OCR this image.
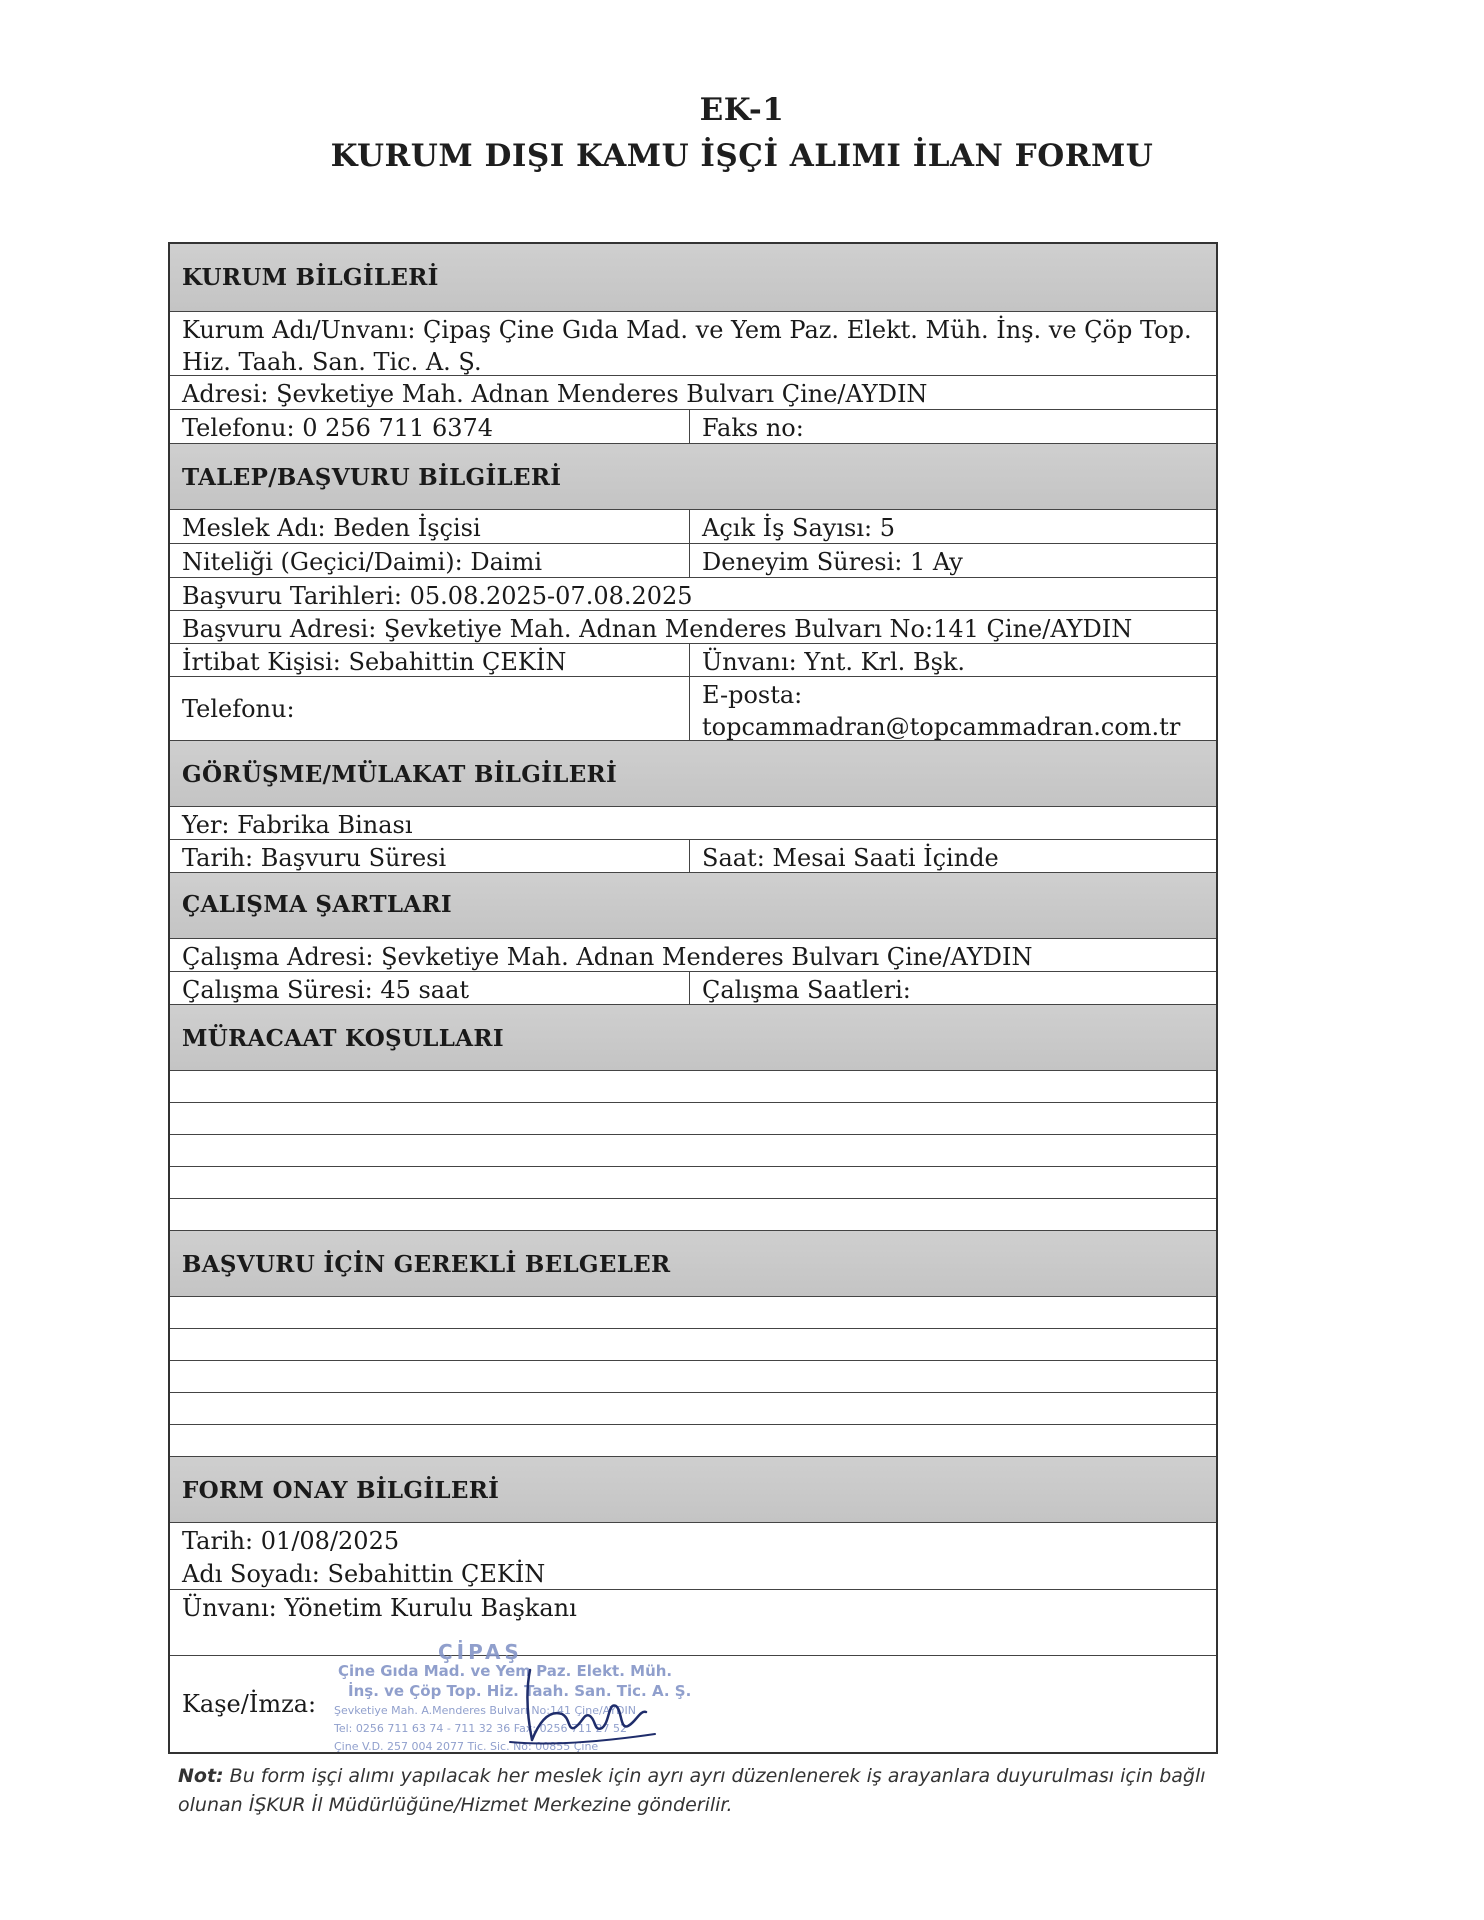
EK-1
KURUM DIŞI KAMU İŞÇİ ALIMI İLAN FORMU
KURUM BİLGİLERİ
Kurum Adı/Unvanı: Çipaş Çine Gıda Mad. ve Yem Paz. Elekt. Müh. İnş. ve Çöp Top. Hiz. Taah. San. Tic. A. Ş.
Adresi: Şevketiye Mah. Adnan Menderes Bulvarı Çine/AYDIN
Telefonu: 0 256 711 6374	Faks no:
TALEP/BAŞVURU BİLGİLERİ
Meslek Adı: Beden İşçisi	Açık İş Sayısı: 5
Niteliği (Geçici/Daimi): Daimi	Deneyim Süresi: 1 Ay
Başvuru Tarihleri: 05.08.2025-07.08.2025
Başvuru Adresi: Şevketiye Mah. Adnan Menderes Bulvarı No:141 Çine/AYDIN
İrtibat Kişisi: Sebahittin ÇEKİN	Ünvanı: Ynt. Krl. Bşk.
Telefonu:	E-posta:
topcammadran@topcammadran.com.tr
GÖRÜŞME/MÜLAKAT BİLGİLERİ
Yer: Fabrika Binası
Tarih: Başvuru Süresi	Saat: Mesai Saati İçinde
ÇALIŞMA ŞARTLARI
Çalışma Adresi: Şevketiye Mah. Adnan Menderes Bulvarı Çine/AYDIN
Çalışma Süresi: 45 saat	Çalışma Saatleri:
MÜRACAAT KOŞULLARI
BAŞVURU İÇİN GEREKLİ BELGELER
FORM ONAY BİLGİLERİ
Tarih: 01/08/2025
Adı Soyadı: Sebahittin ÇEKİN
Ünvanı: Yönetim Kurulu Başkanı
Kaşe/İmza:
ÇİPAŞ
Çine Gıda Mad. ve Yem Paz. Elekt. Müh.
İnş. ve Çöp Top. Hiz. Taah. San. Tic. A. Ş.
Şevketiye Mah. A.Menderes Bulvarı No:141 Çine/AYDIN
Tel: 0256 711 63 74 - 711 32 36 Fax: 0256 711 27 52
Çine V.D. 257 004 2077 Tic. Sic. No: 00855 Çine
Not: Bu form işçi alımı yapılacak her meslek için ayrı ayrı düzenlenerek iş arayanlara duyurulması için bağlı olunan İŞKUR İl Müdürlüğüne/Hizmet Merkezine gönderilir.
